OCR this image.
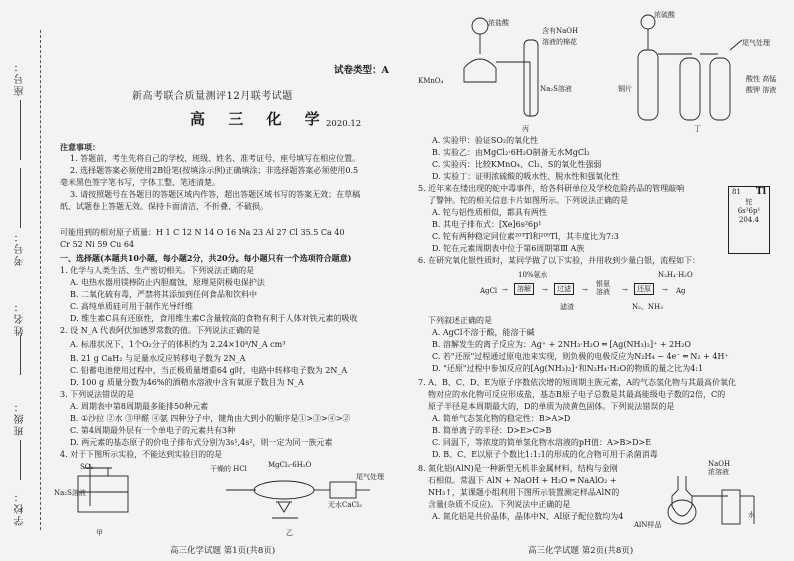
座号：
考号：
姓名：
班级：
学校：
试卷类型：A
新高考联合质量测评12月联考试题
高 三 化 学
2020.12
注意事项：
1. 答题前，考生先将自己的学校、班级、姓名、准考证号、座号填写在相应位置。
2. 选择题答案必须使用2B铅笔(按填涂示例)正确填涂；非选择题答案必须使用0.5
毫米黑色签字笔书写，字体工整、笔迹清楚。
3. 请按照题号在各题目的答题区域内作答，超出答题区域书写的答案无效；在草稿
纸、试题卷上答题无效。保持卡面清洁，不折叠、不破损。
可能用到的相对原子质量：H 1 C 12 N 14 O 16 Na 23 Al 27 Cl 35.5 Ca 40
Cr 52 Ni 59 Cu 64
一、选择题(本题共10小题，每小题2分，共20分。每小题只有一个选项符合题意)
1. 化学与人类生活、生产密切相关。下列说法正确的是
A. 电热水器用镁棒防止内胆腐蚀，原理是阴极电保护法
B. 二氧化硫有毒，严禁将其添加到任何食品和饮料中
C. 高纯单质硅可用于制作光导纤维
D. 维生素C具有还原性，食用维生素C含量较高的食物有利于人体对铁元素的吸收
2. 设 N_A 代表阿伏加德罗常数的值。下列说法正确的是
A. 标准状况下，1个O₂分子的体积约为 2.24×10⁴/N_A cm³
B. 21 g CaH₂ 与足量水反应转移电子数为 2N_A
C. 铅蓄电池使用过程中，当正极质量增重64 g时，电路中转移电子数为 2N_A
D. 100 g 质量分数为46%的酒精水溶液中含有氧原子数目为 N_A
3. 下列说法错误的是
A. 周期表中第8周期最多能排50种元素
B. ①沙拉 ②水 ③甲醛 ④氨 四种分子中，键角由大到小的顺序是①>③>④>②
C. 第4周期最外层有一个单电子的元素共有3种
D. 两元素的基态原子的价电子排布式分别为3s¹,4s²，则一定为同一族元素
4. 对于下图所示实验，不能达到实验目的的是
SO₂
Na₂S溶液
甲
干燥的 HCl	MgCl₂·6H₂O
尾气处理
无水CaCl₂
乙
高三化学试题 第1页(共8页)
浓盐酸
KMnO₄
含有NaOH 溶液的棉花
Na₂S溶液
丙
浓硫酸
铜片
尾气处理
酸性 高锰酸钾 溶液
丁
A. 实验甲：验证SO₂的氧化性
B. 实验乙：由MgCl₂·6H₂O制备无水MgCl₂
C. 实验丙：比较KMnO₄、Cl₂、S的氧化性强弱
D. 实验丁：证明浓硫酸的吸水性、脱水性和强氧化性
5. 近年来在缕出现的蛇中毒事件，给各科研单位及学校危险药品的管理敲响
了警钟。铊的相关信息卡片如图所示。下列说法正确的是
A. 铊与铝性质相似，都具有两性
B. 其电子排布式：[Xe]6s²6p¹
C. 铊有两种稳定同位素²⁰³Tl和²⁰⁵Tl，其丰度比为7:3
D. 铊在元素周期表中位于第6周期第Ⅲ A族
81 Tl
铊
6s²6p¹
204.4
6. 在研究氧化银性质时，某同学做了以下实验，并用收到少量白银，流程如下：
10%氨水	N₂H₄·H₂O
AgCl →	溶解	→	过滤	→
银氨 溶液	→	还原	→ Ag
滤渣	N₂、NH₃
下列叙述正确的是
A. AgCl不溶于酸，能溶于碱
B. 溶解发生的离子反应为：Ag⁺ + 2NH₃·H₂O ═ [Ag(NH₃)₂]⁺ + 2H₂O
C. 若"还原"过程通过原电池来实现，则负极的电极反应为N₂H₄ − 4e⁻ ═ N₂ + 4H⁺
D. "还原"过程中参加反应的[Ag(NH₃)₂]⁺和N₂H₄·H₂O的物质的量之比为4:1
7. A、B、C、D、E为原子序数依次增的短周期主族元素，A的气态氢化物与其最高价氧化
物对应的水化物可反应形成盐，基态B原子电子总数是其最高能级电子数的2倍，C的
原子半径是本周期最大的，D的单质为淡黄色固体。下列说法错误的是
A. 简单气态氢化物的稳定性：B>A>D
B. 简单离子的半径：D>E>C>B
C. 同温下，等浓度的简单氢化物水溶液的pH值：A>B>D>E
D. B、C、E以原子个数比1:1:1的形成的化合物可用于杀菌消毒
8. 氮化铝(AlN)是一种新型无机非金属材料，结构与金刚
石相似。常温下 AlN + NaOH + H₂O ═ NaAlO₂ +
NH₃↑，某课题小组利用下图所示装置测定样品AlN的
含量(杂质不反应)。下列说法中正确的是
A. 氮化铝是共价晶体，晶体中N、Al原子配位数均为4
NaOH 浓溶液
AlN样品
水
高三化学试题 第2页(共8页)
